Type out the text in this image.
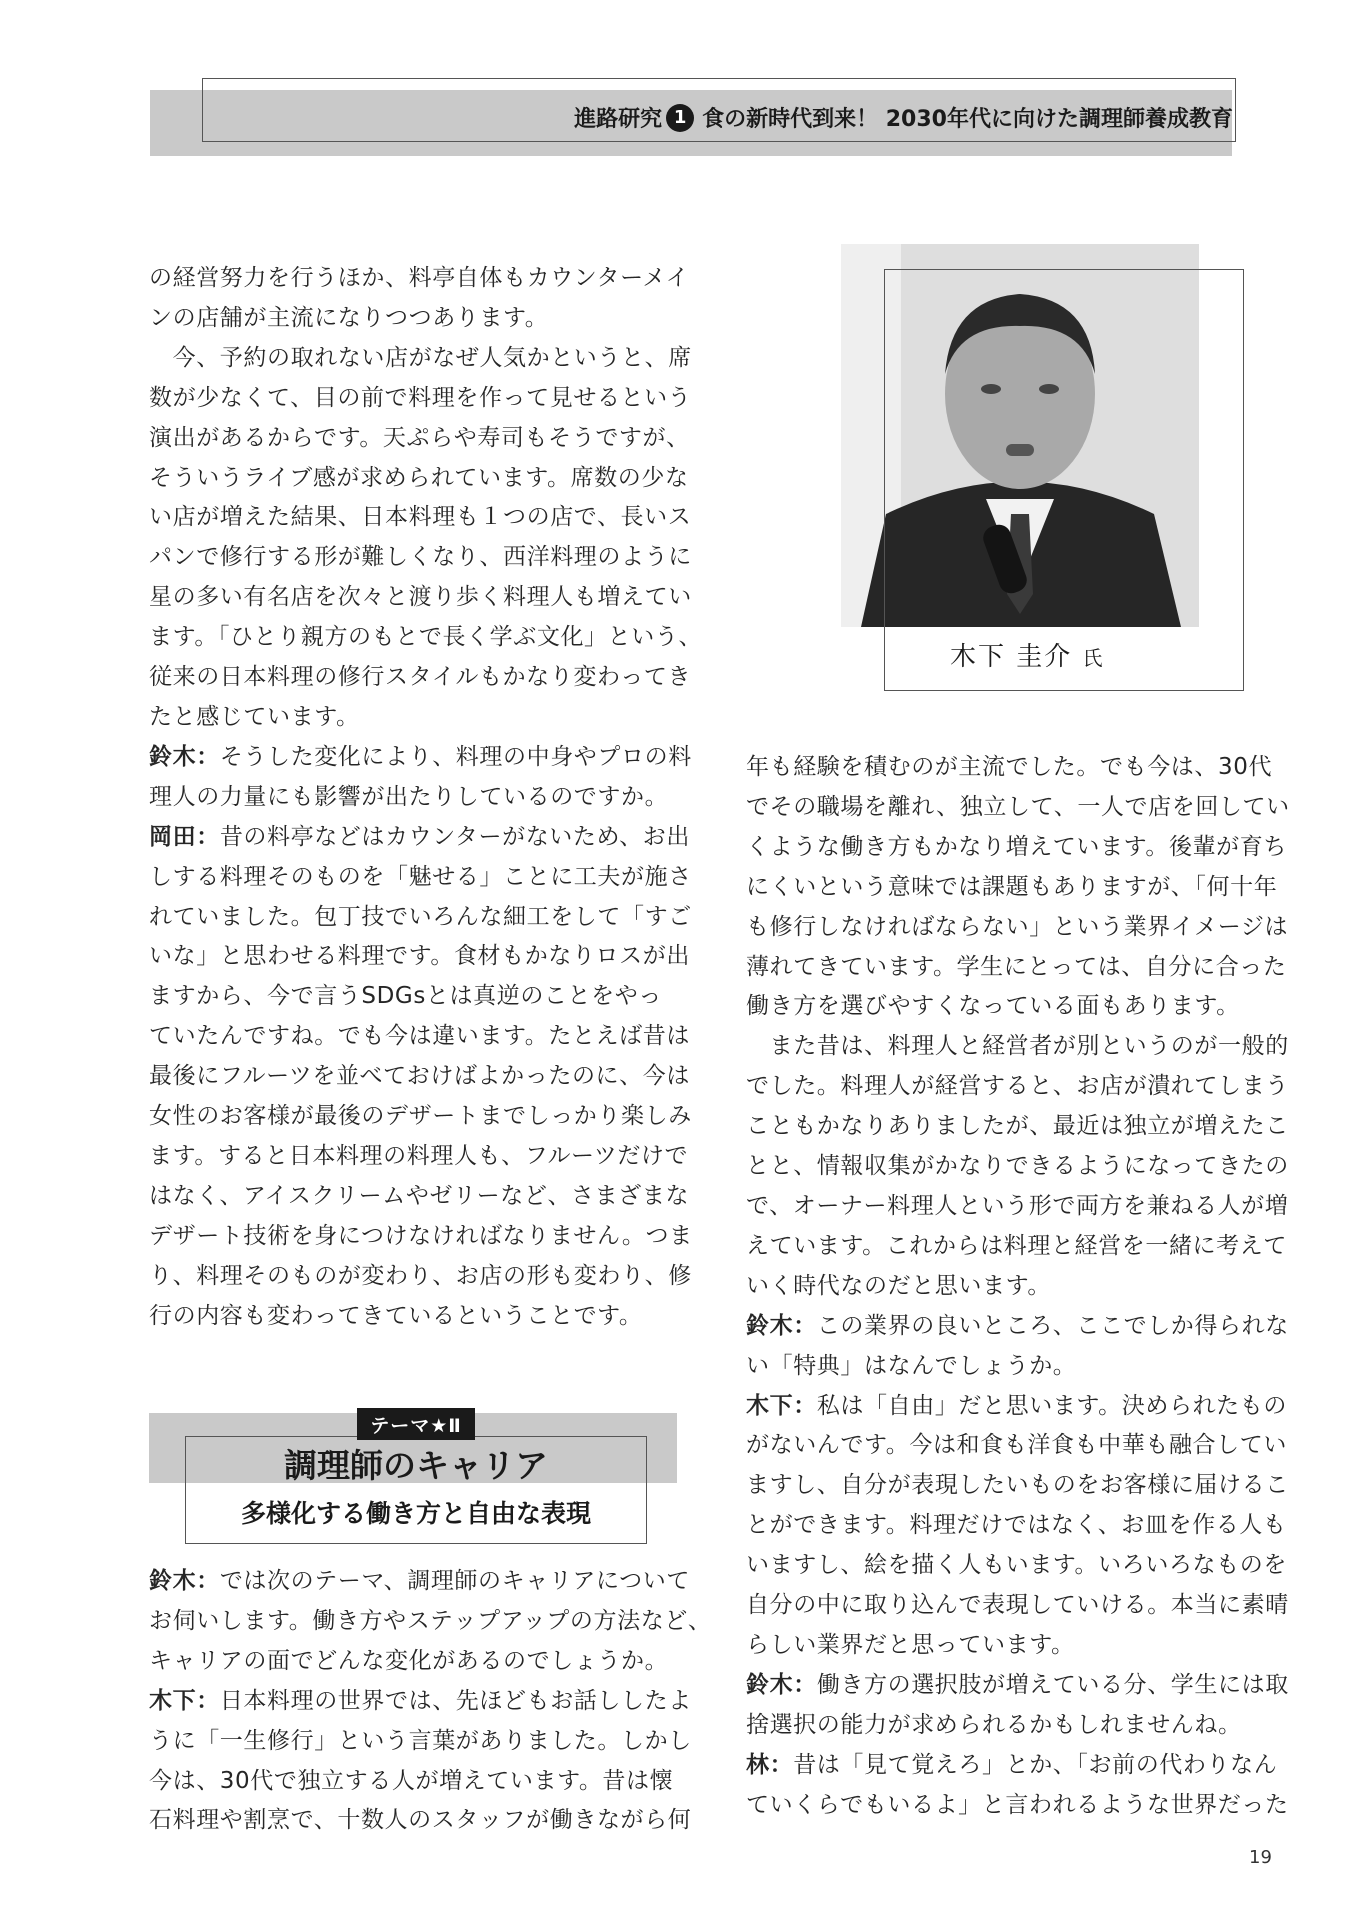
進路研究 1 食の新時代到来！ 2030年代に向けた調理師養成教育

の経営努力を行うほか、料亭自体もカウンターメイ

ンの店舗が主流になりつつあります。

　今、予約の取れない店がなぜ人気かというと、席

数が少なくて、目の前で料理を作って見せるという

演出があるからです。天ぷらや寿司もそうですが、

そういうライブ感が求められています。席数の少な

い店が増えた結果、日本料理も１つの店で、長いス

パンで修行する形が難しくなり、西洋料理のように

星の多い有名店を次々と渡り歩く料理人も増えてい

ます。「ひとり親方のもとで長く学ぶ文化」という、

従来の日本料理の修行スタイルもかなり変わってき

たと感じています。

鈴木：そうした変化により、料理の中身やプロの料

理人の力量にも影響が出たりしているのですか。

岡田：昔の料亭などはカウンターがないため、お出

しする料理そのものを「魅せる」ことに工夫が施さ

れていました。包丁技でいろんな細工をして「すご

いな」と思わせる料理です。食材もかなりロスが出

ますから、今で言うSDGsとは真逆のことをやっ

ていたんですね。でも今は違います。たとえば昔は

最後にフルーツを並べておけばよかったのに、今は

女性のお客様が最後のデザートまでしっかり楽しみ

ます。すると日本料理の料理人も、フルーツだけで

はなく、アイスクリームやゼリーなど、さまざまな

デザート技術を身につけなければなりません。つま

り、料理そのものが変わり、お店の形も変わり、修

行の内容も変わってきているということです。

木下 圭介 氏
テーマ★Ⅱ
調理師のキャリア
多様化する働き方と自由な表現

鈴木：では次のテーマ、調理師のキャリアについて

お伺いします。働き方やステップアップの方法など、

キャリアの面でどんな変化があるのでしょうか。

木下：日本料理の世界では、先ほどもお話ししたよ

うに「一生修行」という言葉がありました。しかし

今は、30代で独立する人が増えています。昔は懐

石料理や割烹で、十数人のスタッフが働きながら何

年も経験を積むのが主流でした。でも今は、30代

でその職場を離れ、独立して、一人で店を回してい

くような働き方もかなり増えています。後輩が育ち

にくいという意味では課題もありますが、「何十年

も修行しなければならない」という業界イメージは

薄れてきています。学生にとっては、自分に合った

働き方を選びやすくなっている面もあります。

　また昔は、料理人と経営者が別というのが一般的

でした。料理人が経営すると、お店が潰れてしまう

こともかなりありましたが、最近は独立が増えたこ

とと、情報収集がかなりできるようになってきたの

で、オーナー料理人という形で両方を兼ねる人が増

えています。これからは料理と経営を一緒に考えて

いく時代なのだと思います。

鈴木：この業界の良いところ、ここでしか得られな

い「特典」はなんでしょうか。

木下：私は「自由」だと思います。決められたもの

がないんです。今は和食も洋食も中華も融合してい

ますし、自分が表現したいものをお客様に届けるこ

とができます。料理だけではなく、お皿を作る人も

いますし、絵を描く人もいます。いろいろなものを

自分の中に取り込んで表現していける。本当に素晴

らしい業界だと思っています。

鈴木：働き方の選択肢が増えている分、学生には取

捨選択の能力が求められるかもしれませんね。

林：昔は「見て覚えろ」とか、「お前の代わりなん

ていくらでもいるよ」と言われるような世界だった

19
